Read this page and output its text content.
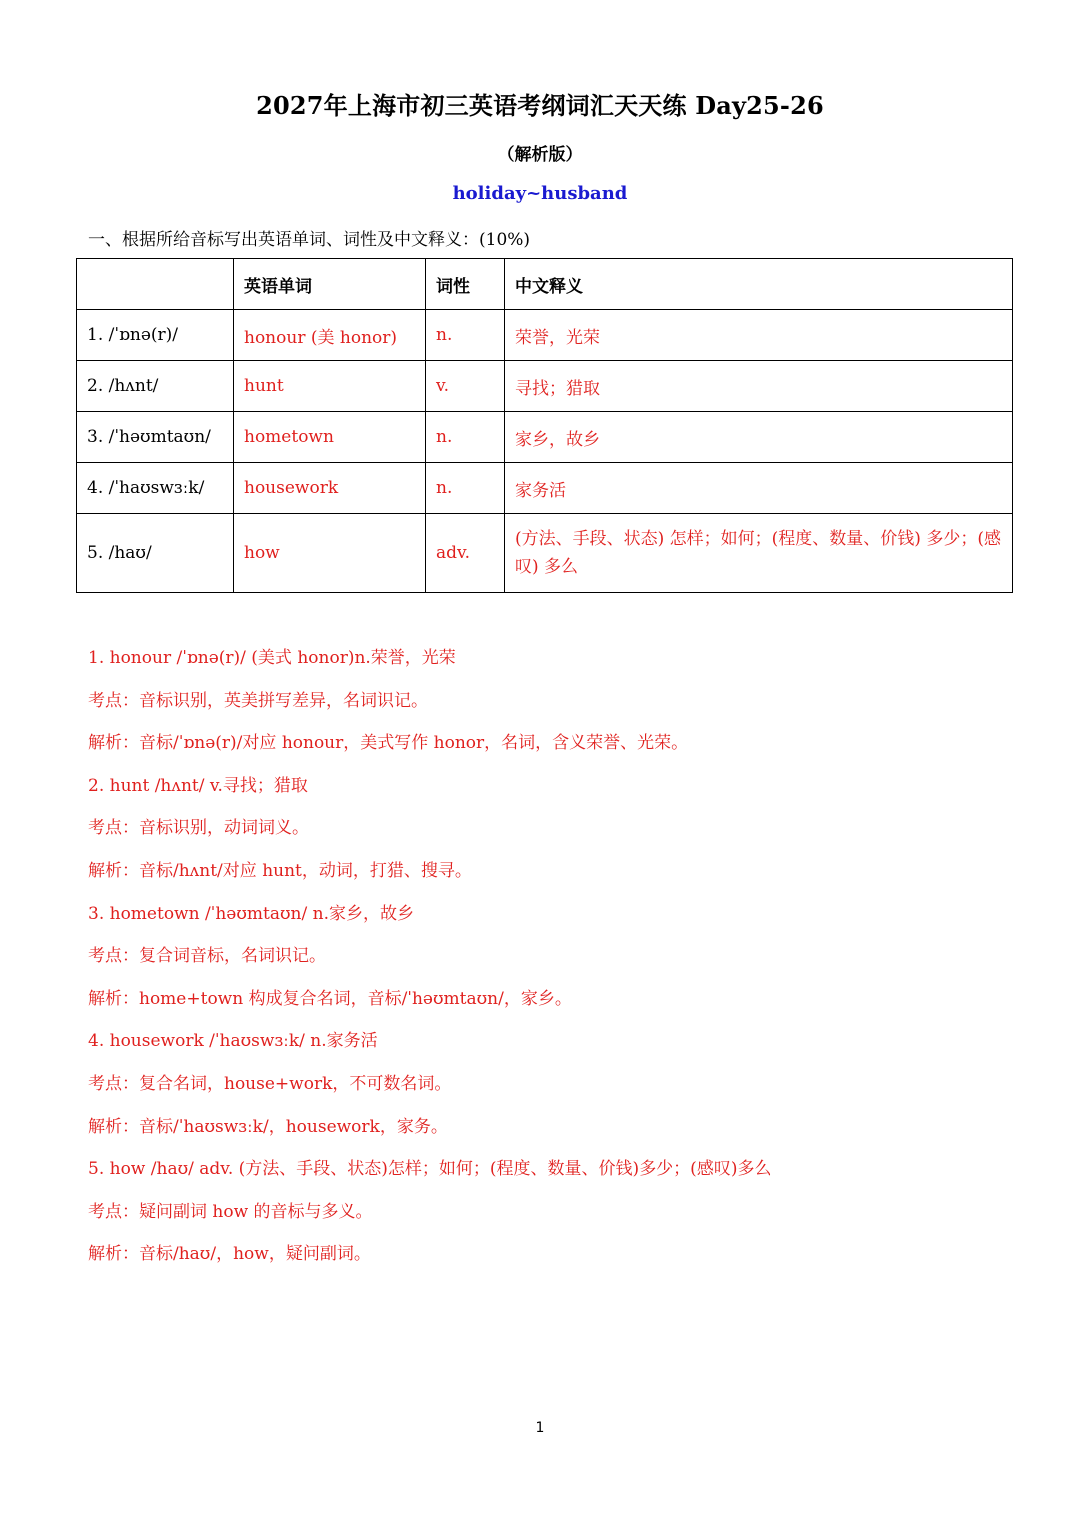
2027年上海市初三英语考纲词汇天天练 Day25-26
（解析版）
holiday~husband
一、根据所给音标写出英语单词、词性及中文释义：(10%)
	英语单词	词性	中文释义
1. /ˈɒnə(r)/	honour (美 honor)	n.	荣誉，光荣
2. /hʌnt/	hunt	v.	寻找；猎取
3. /ˈhəʊmtaʊn/	hometown	n.	家乡，故乡
4. /ˈhaʊswɜːk/	housework	n.	家务活
5. /haʊ/	how	adv.	(方法、手段、状态) 怎样；如何；(程度、数量、价钱) 多少；(感叹) 多么
1. honour /ˈɒnə(r)/ (美式 honor)n.荣誉，光荣
考点：音标识别，英美拼写差异，名词识记。
解析：音标/ˈɒnə(r)/对应 honour，美式写作 honor，名词，含义荣誉、光荣。
2. hunt /hʌnt/ v.寻找；猎取
考点：音标识别，动词词义。
解析：音标/hʌnt/对应 hunt，动词，打猎、搜寻。
3. hometown /ˈhəʊmtaʊn/ n.家乡，故乡
考点：复合词音标，名词识记。
解析：home+town 构成复合名词，音标/ˈhəʊmtaʊn/，家乡。
4. housework /ˈhaʊswɜːk/ n.家务活
考点：复合名词，house+work，不可数名词。
解析：音标/ˈhaʊswɜːk/，housework，家务。
5. how /haʊ/ adv. (方法、手段、状态)怎样；如何；(程度、数量、价钱)多少；(感叹)多么
考点：疑问副词 how 的音标与多义。
解析：音标/haʊ/，how，疑问副词。
1
